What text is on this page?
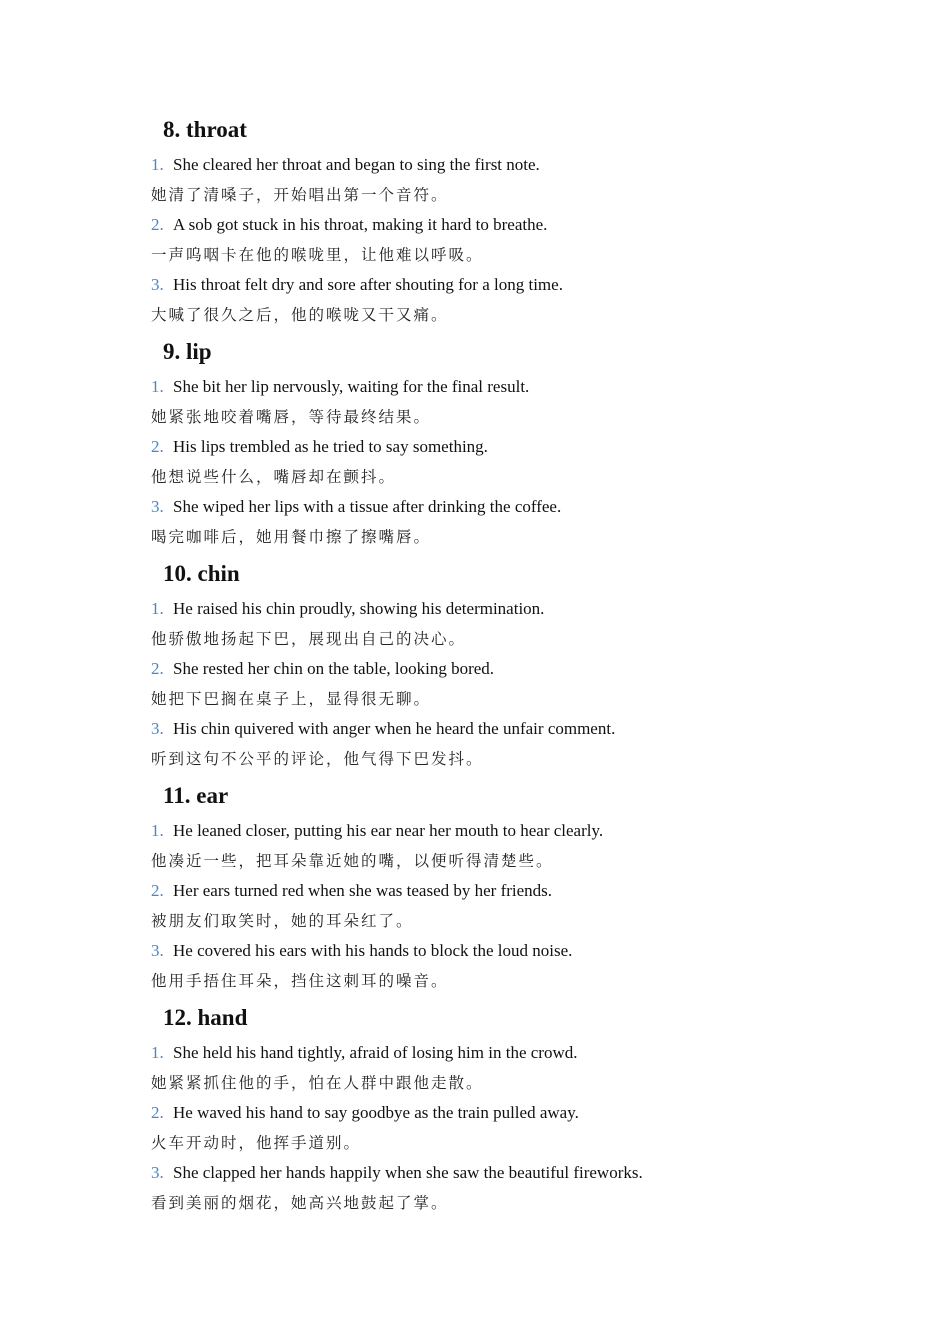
8. throat
1. She cleared her throat and began to sing the first note.
她清了清嗓子，开始唱出第一个音符。
2. A sob got stuck in his throat, making it hard to breathe.
一声呜咽卡在他的喉咙里，让他难以呼吸。
3. His throat felt dry and sore after shouting for a long time.
大喊了很久之后，他的喉咙又干又痛。
9. lip
1. She bit her lip nervously, waiting for the final result.
她紧张地咬着嘴唇，等待最终结果。
2. His lips trembled as he tried to say something.
他想说些什么，嘴唇却在颤抖。
3. She wiped her lips with a tissue after drinking the coffee.
喝完咖啡后，她用餐巾擦了擦嘴唇。
10. chin
1. He raised his chin proudly, showing his determination.
他骄傲地扬起下巴，展现出自己的决心。
2. She rested her chin on the table, looking bored.
她把下巴搁在桌子上，显得很无聊。
3. His chin quivered with anger when he heard the unfair comment.
听到这句不公平的评论，他气得下巴发抖。
11. ear
1. He leaned closer, putting his ear near her mouth to hear clearly.
他凑近一些，把耳朵靠近她的嘴，以便听得清楚些。
2. Her ears turned red when she was teased by her friends.
被朋友们取笑时，她的耳朵红了。
3. He covered his ears with his hands to block the loud noise.
他用手捂住耳朵，挡住这刺耳的噪音。
12. hand
1. She held his hand tightly, afraid of losing him in the crowd.
她紧紧抓住他的手，怕在人群中跟他走散。
2. He waved his hand to say goodbye as the train pulled away.
火车开动时，他挥手道别。
3. She clapped her hands happily when she saw the beautiful fireworks.
看到美丽的烟花，她高兴地鼓起了掌。
